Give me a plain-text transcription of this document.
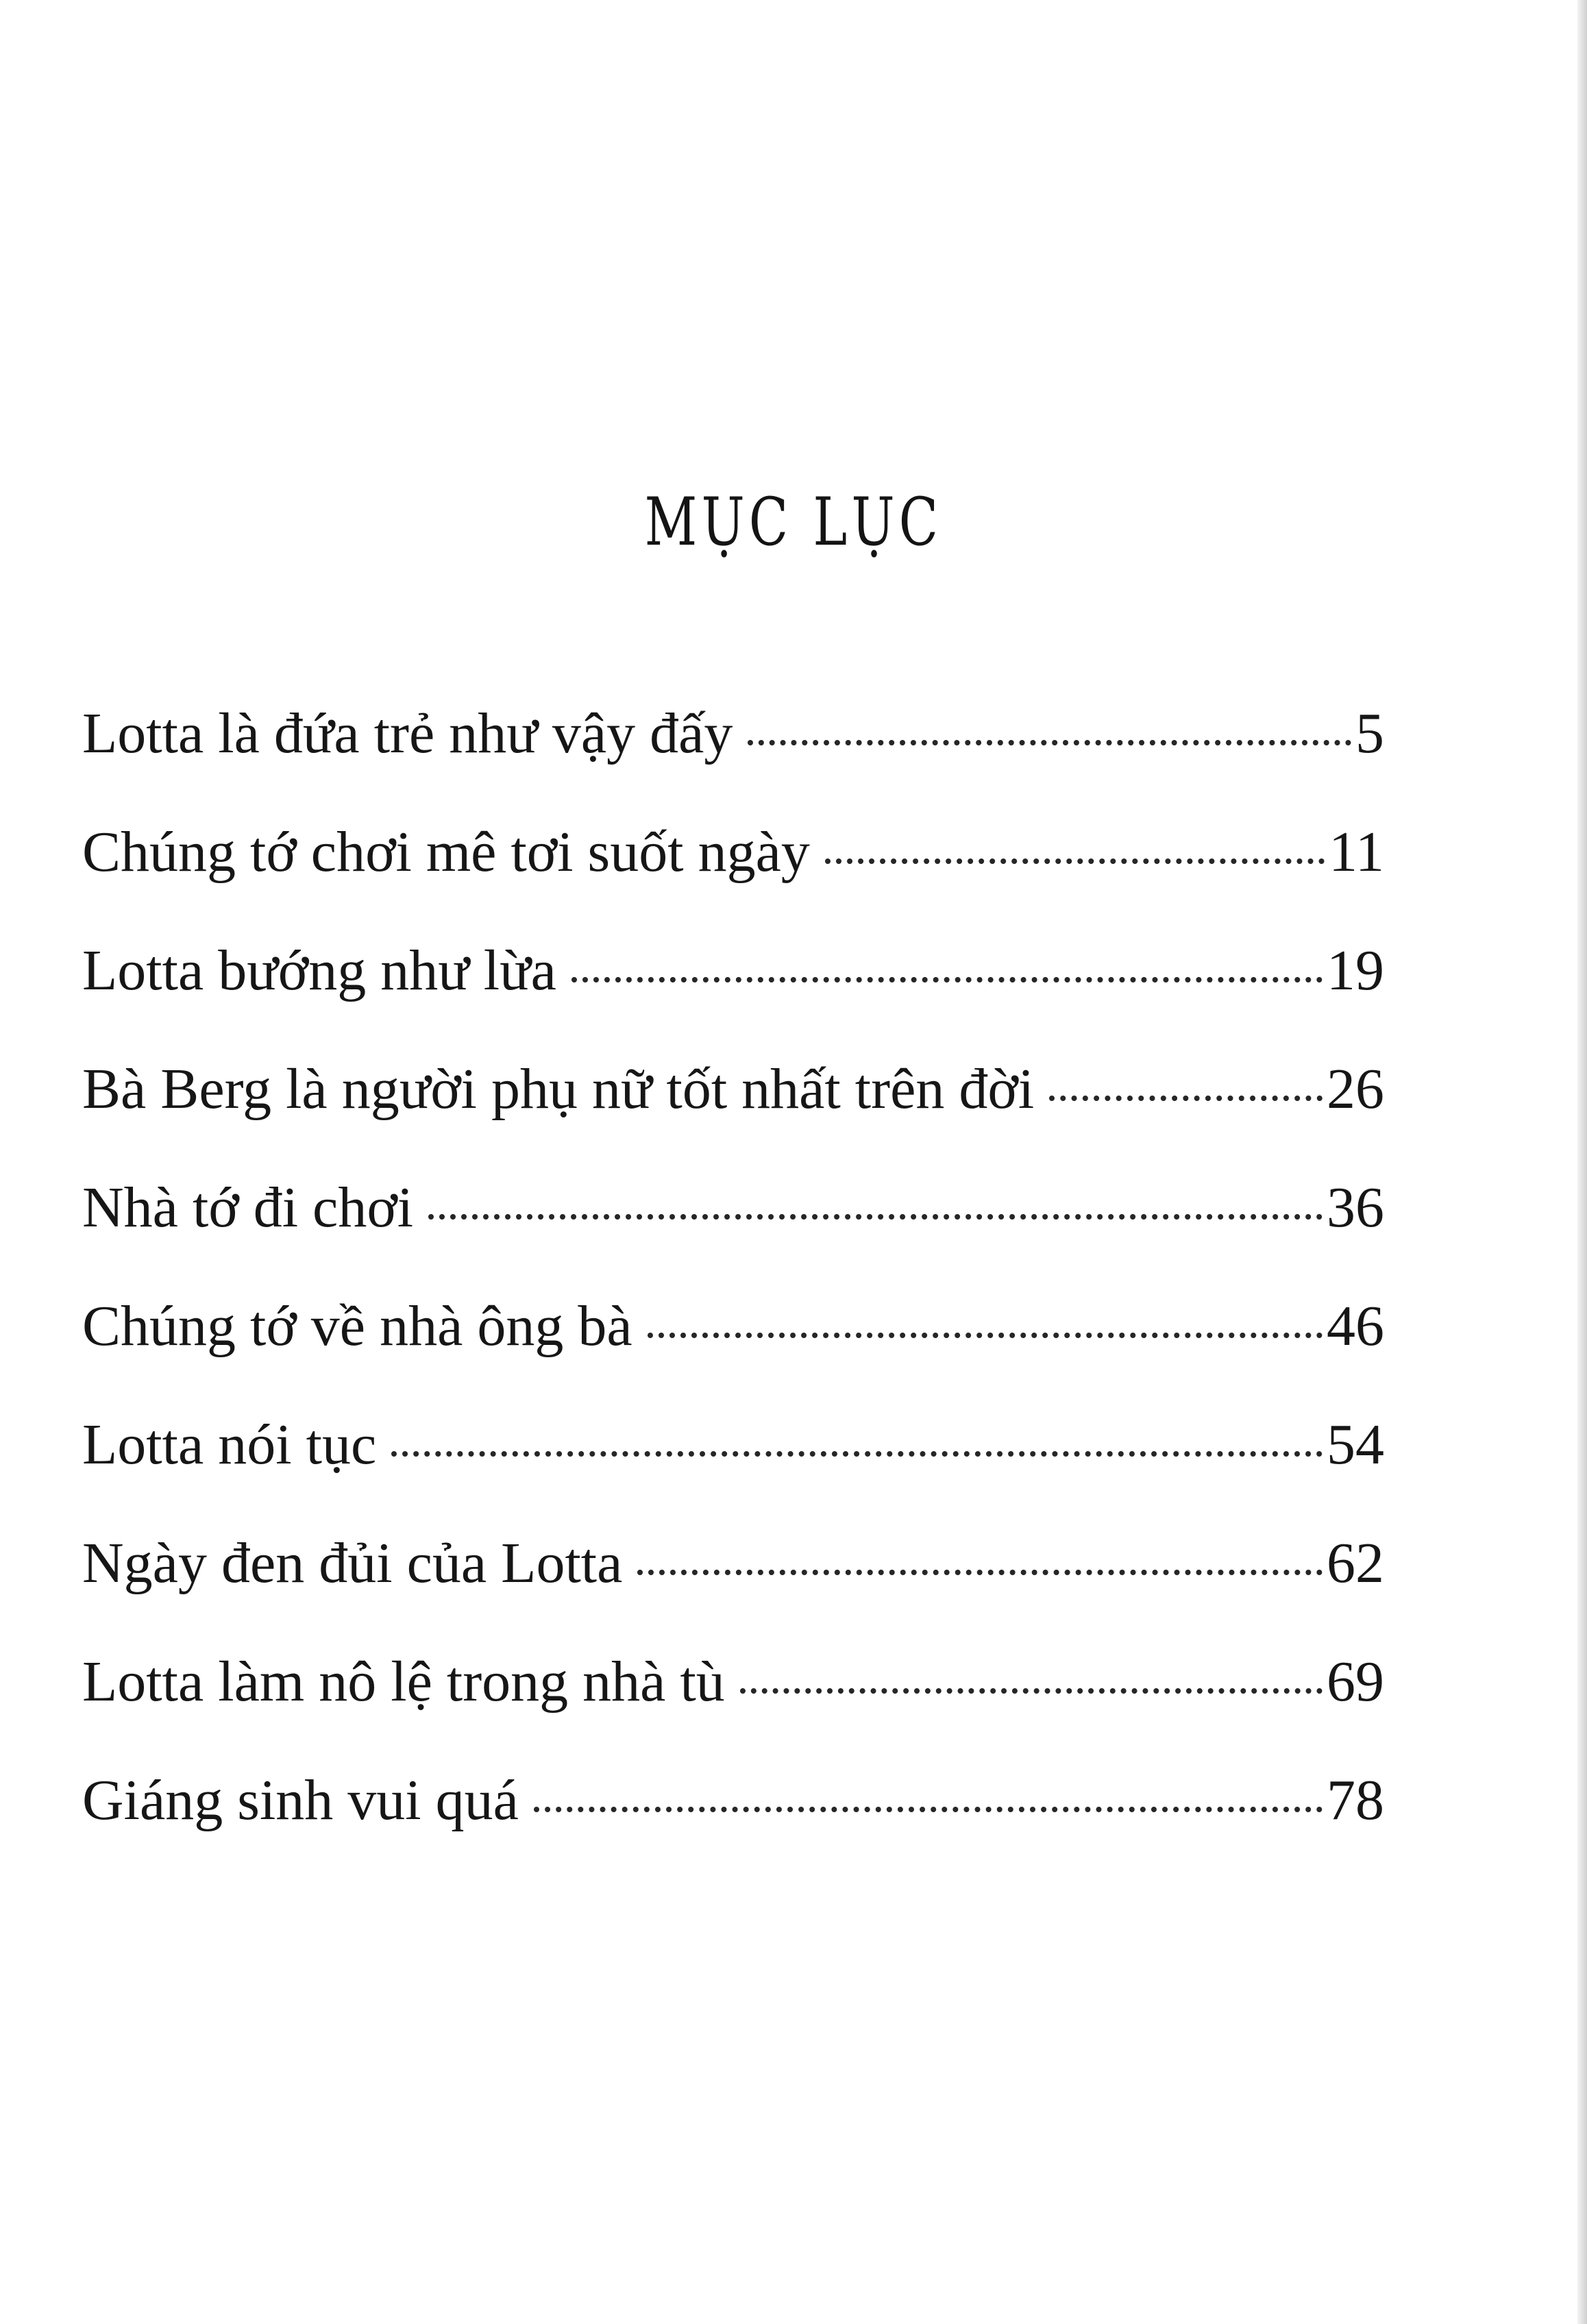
MỤC LỤC
Lotta là đứa trẻ như vậy đấy	5
Chúng tớ chơi mê tơi suốt ngày	11
Lotta bướng như lừa	19
Bà Berg là người phụ nữ tốt nhất trên đời	26
Nhà tớ đi chơi	36
Chúng tớ về nhà ông bà	46
Lotta nói tục	54
Ngày đen đủi của Lotta	62
Lotta làm nô lệ trong nhà tù	69
Giáng sinh vui quá	78
